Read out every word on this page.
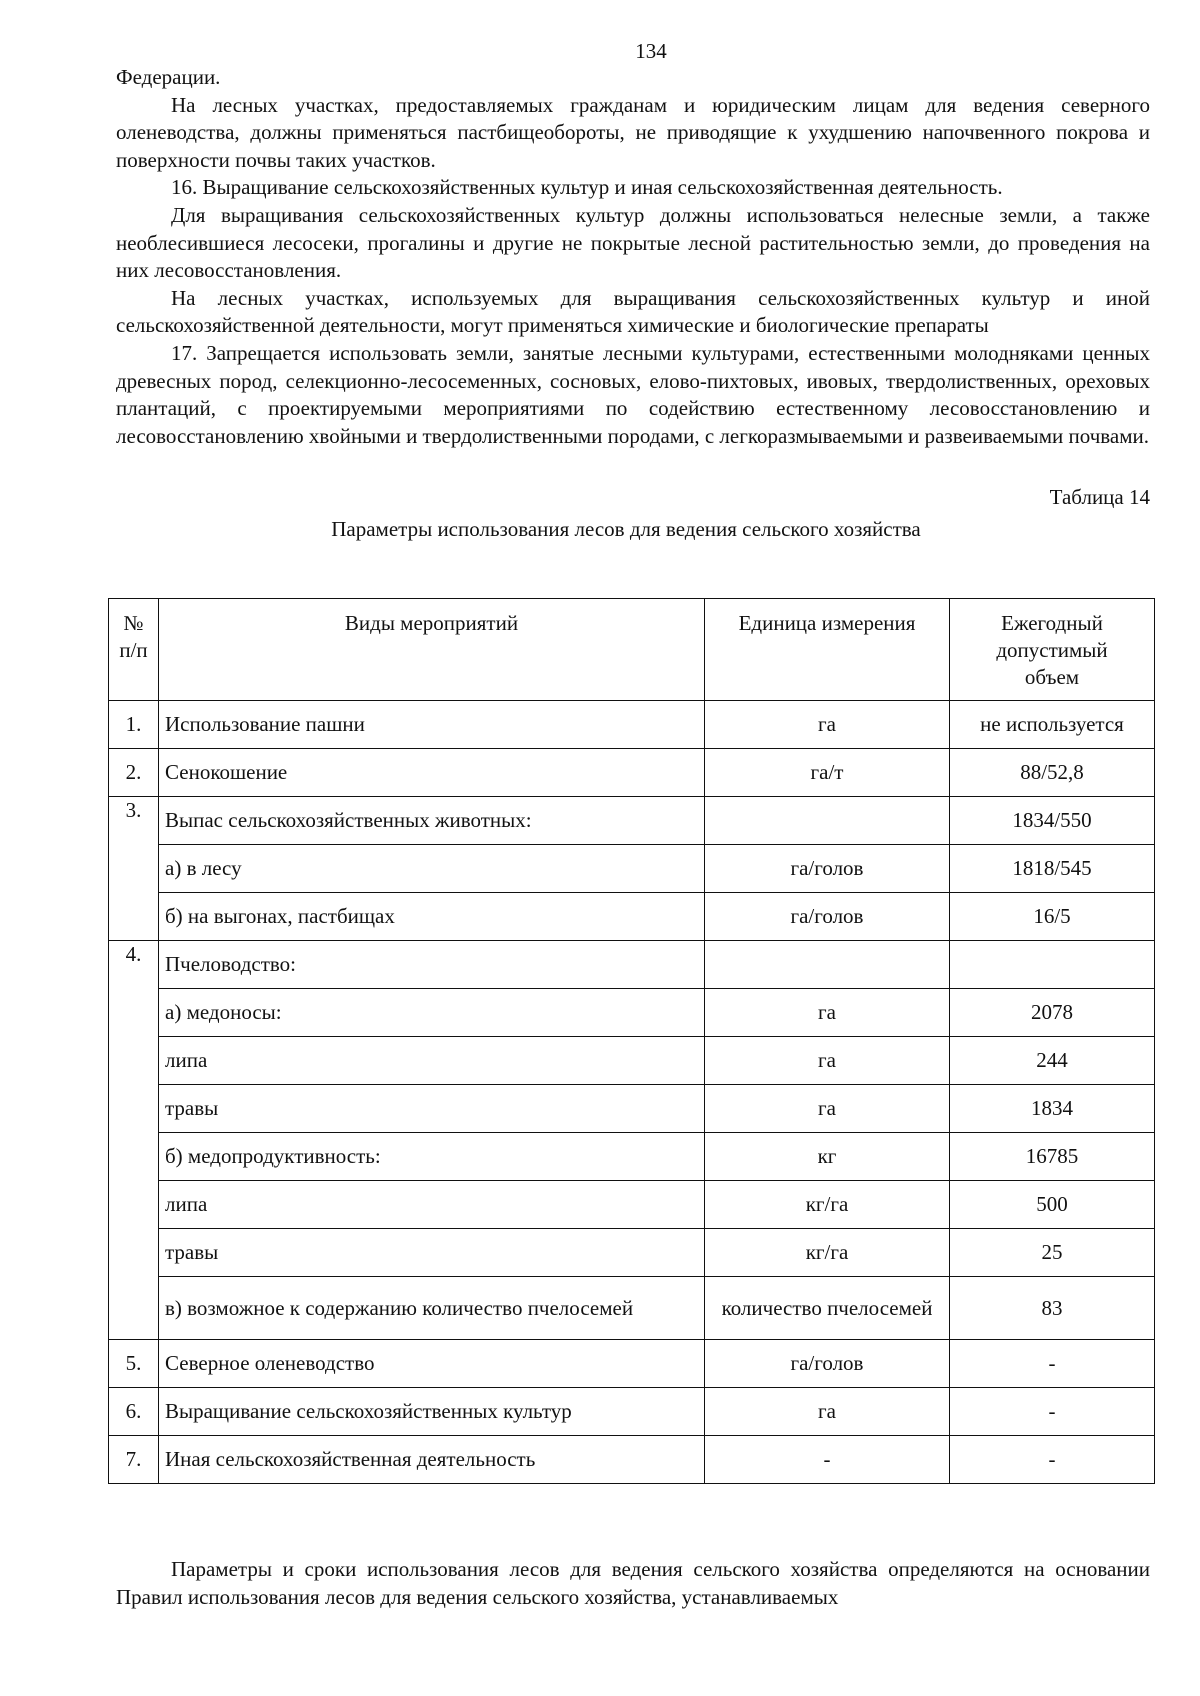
134

Федерации.

На лесных участках, предоставляемых гражданам и юридическим лицам для ведения северного оленеводства, должны применяться пастбищеобороты, не приводящие к ухудшению напочвенного покрова и поверхности почвы таких участков.

16. Выращивание сельскохозяйственных культур и иная сельскохозяйственная деятельность.

Для выращивания сельскохозяйственных культур должны использоваться нелесные земли, а также необлесившиеся лесосеки, прогалины и другие не покрытые лесной растительностью земли, до проведения на них лесовосстановления.

На лесных участках, используемых для выращивания сельскохозяйственных культур и иной сельскохозяйственной деятельности, могут применяться химические и биологические препараты

17. Запрещается использовать земли, занятые лесными культурами, естественными молодняками ценных древесных пород, селекционно-лесосеменных, сосновых, елово-пихтовых, ивовых, твердолиственных, ореховых плантаций, с проектируемыми мероприятиями по содействию естественному лесовосстановлению и лесовосстановлению хвойными и твердолиственными породами, с легкоразмываемыми и развеиваемыми почвами.

Таблица 14
Параметры использования лесов для ведения сельского хозяйства
№ п/п	Виды мероприятий	Единица измерения	Ежегодный допустимый объем
1.	Использование пашни	га	не используется
2.	Сенокошение	га/т	88/52,8
3.	Выпас сельскохозяйственных животных:		1834/550
	а) в лесу	га/голов	1818/545
	б) на выгонах, пастбищах	га/голов	16/5
4.	Пчеловодство:		
	а) медоносы:	га	2078
	липа	га	244
	травы	га	1834
	б) медопродуктивность:	кг	16785
	липа	кг/га	500
	травы	кг/га	25
	в) возможное к содержанию количество пчелосемей	количество пчелосемей	83
5.	Северное оленеводство	га/голов	-
6.	Выращивание сельскохозяйственных культур	га	-
7.	Иная сельскохозяйственная деятельность	-	-

Параметры и сроки использования лесов для ведения сельского хозяйства определяются на основании Правил использования лесов для ведения сельского хозяйства, устанавливаемых
